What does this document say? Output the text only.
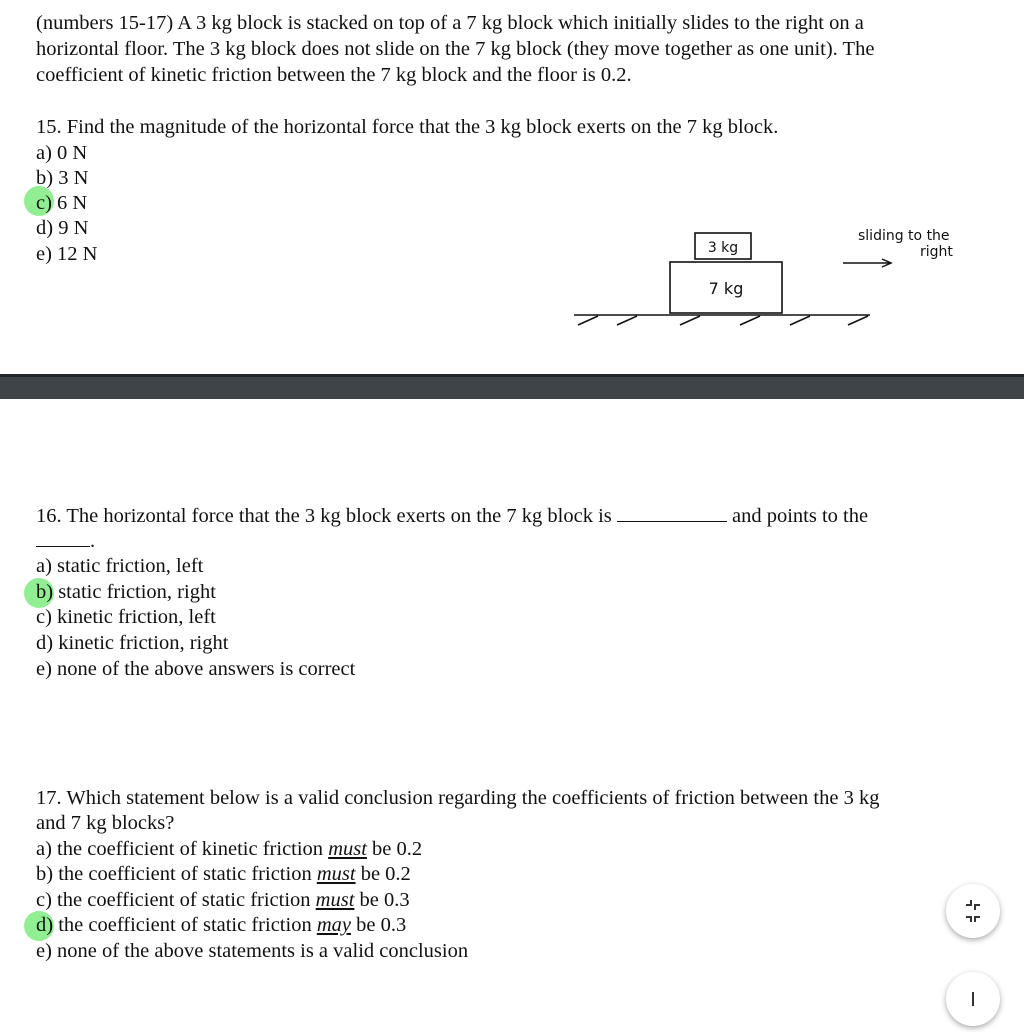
(numbers 15-17) A 3 kg block is stacked on top of a 7 kg block which initially slides to the right on a
horizontal floor. The 3 kg block does not slide on the 7 kg block (they move together as one unit). The
coefficient of kinetic friction between the 7 kg block and the floor is 0.2.
15. Find the magnitude of the horizontal force that the 3 kg block exerts on the 7 kg block.
a) 0 N
b) 3 N
c) 6 N
d) 9 N
e) 12 N	3 kg
7 kg
sliding to the
right
16. The horizontal force that the 3 kg block exerts on the 7 kg block is	and points to the
.
a) static friction, left
b) static friction, right
c) kinetic friction, left
d) kinetic friction, right
e) none of the above answers is correct
17. Which statement below is a valid conclusion regarding the coefficients of friction between the 3 kg
and 7 kg blocks?
a) the coefficient of kinetic friction must be 0.2
b) the coefficient of static friction must be 0.2
c) the coefficient of static friction must be 0.3
d) the coefficient of static friction may be 0.3
e) none of the above statements is a valid conclusion
